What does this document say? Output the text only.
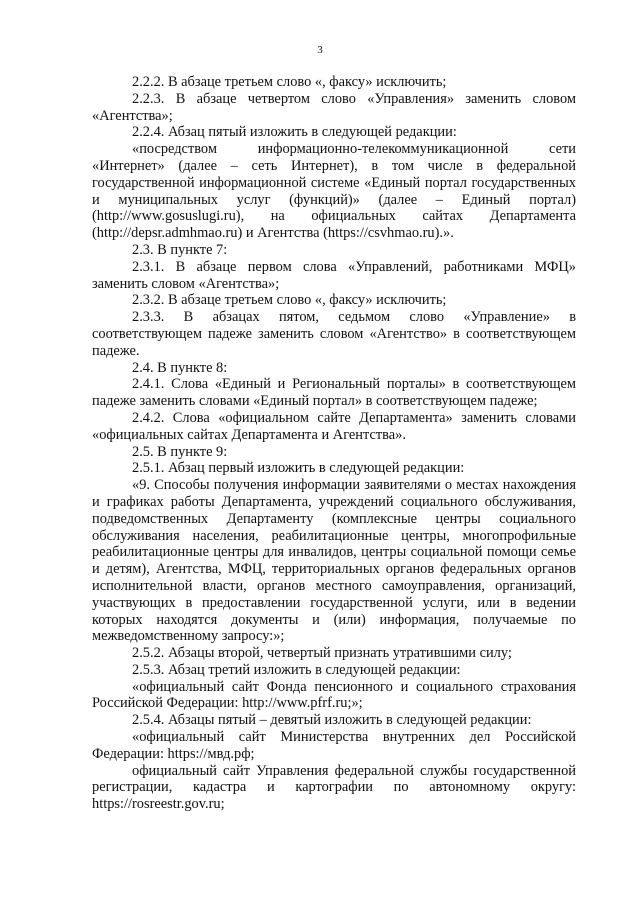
3

2.2.2. В абзаце третьем слово «, факсу» исключить;

2.2.3. В абзаце четвертом слово «Управления» заменить словом «Агентства»;

2.2.4. Абзац пятый изложить в следующей редакции:

«посредством информационно-телекоммуникационной сети «Интернет» (далее – сеть Интернет), в том числе в федеральной государственной информационной системе «Единый портал государственных и муниципальных услуг (функций)» (далее – Единый портал) (http://www.gosuslugi.ru), на официальных сайтах Департамента (http://depsr.admhmao.ru) и Агентства (https://csvhmao.ru).».

2.3. В пункте 7:

2.3.1. В абзаце первом слова «Управлений, работниками МФЦ» заменить словом «Агентства»;

2.3.2. В абзаце третьем слово «, факсу» исключить;

2.3.3. В абзацах пятом, седьмом слово «Управление» в соответствующем падеже заменить словом «Агентство» в соответствующем падеже.

2.4. В пункте 8:

2.4.1. Слова «Единый и Региональный порталы» в соответствующем падеже заменить словами «Единый портал» в соответствующем падеже;

2.4.2. Слова «официальном сайте Департамента» заменить словами «официальных сайтах Департамента и Агентства».

2.5. В пункте 9:

2.5.1. Абзац первый изложить в следующей редакции:

«9. Способы получения информации заявителями о местах нахождения и графиках работы Департамента, учреждений социального обслуживания, подведомственных Департаменту (комплексные центры социального обслуживания населения, реабилитационные центры, многопрофильные реабилитационные центры для инвалидов, центры социальной помощи семье и детям), Агентства, МФЦ, территориальных органов федеральных органов исполнительной власти, органов местного самоуправления, организаций, участвующих в предоставлении государственной услуги, или в ведении которых находятся документы и (или) информация, получаемые по межведомственному запросу:»;

2.5.2. Абзацы второй, четвертый признать утратившими силу;

2.5.3. Абзац третий изложить в следующей редакции:

«официальный сайт Фонда пенсионного и социального страхования Российской Федерации: http://www.pfrf.ru;»;

2.5.4. Абзацы пятый – девятый изложить в следующей редакции:

«официальный сайт Министерства внутренних дел Российской Федерации: https://мвд.рф;

официальный сайт Управления федеральной службы государственной регистрации, кадастра и картографии по автономному округу: https://rosreestr.gov.ru;
